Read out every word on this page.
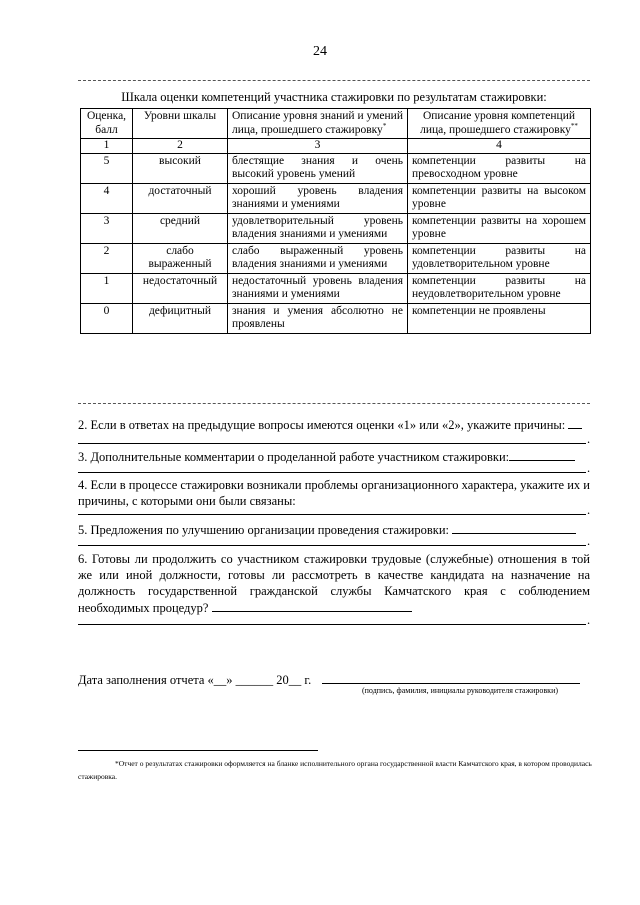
24
Шкала оценки компетенций участника стажировки по результатам стажировки:
Оценка, балл	Уровни шкалы	Описание уровня знаний и умений лица, прошедшего стажировку*	Описание уровня компетенций лица, прошедшего стажировку**
1	2	3	4
5	высокий	блестящие знания и очень высокий уровень умений	компетенции развиты на превосходном уровне
4	достаточный	хороший уровень владения знаниями и умениями	компетенции развиты на высоком уровне
3	средний	удовлетворительный уровень владения знаниями и умениями	компетенции развиты на хорошем уровне
2	слабо выраженный	слабо выраженный уровень владения знаниями и умениями	компетенции развиты на удовлетворительном уровне
1	недостаточный	недостаточный уровень владения знаниями и умениями	компетенции развиты на неудовлетворительном уровне
0	дефицитный	знания и умения абсолютно не проявлены	компетенции не проявлены
2. Если в ответах на предыдущие вопросы имеются оценки «1» или «2», укажите причины:
.
3. Дополнительные комментарии о проделанной работе участником стажировки:
.
4. Если в процессе стажировки возникали проблемы организационного характера, укажите их и причины, с которыми они были связаны:
.
5. Предложения по улучшению организации проведения стажировки:
.
6. Готовы ли продолжить со участником стажировки трудовые (служебные) отношения в той же или иной должности, готовы ли рассмотреть в качестве кандидата на назначение на должность государственной гражданской службы Камчатского края с соблюдением необходимых процедур?
.
Дата заполнения отчета «__» ______ 20__ г.
(подпись, фамилия, инициалы руководителя стажировки)
*Отчет о результатах стажировки оформляется на бланке исполнительного органа государственной власти Камчатского края, в котором проводилась стажировка.
